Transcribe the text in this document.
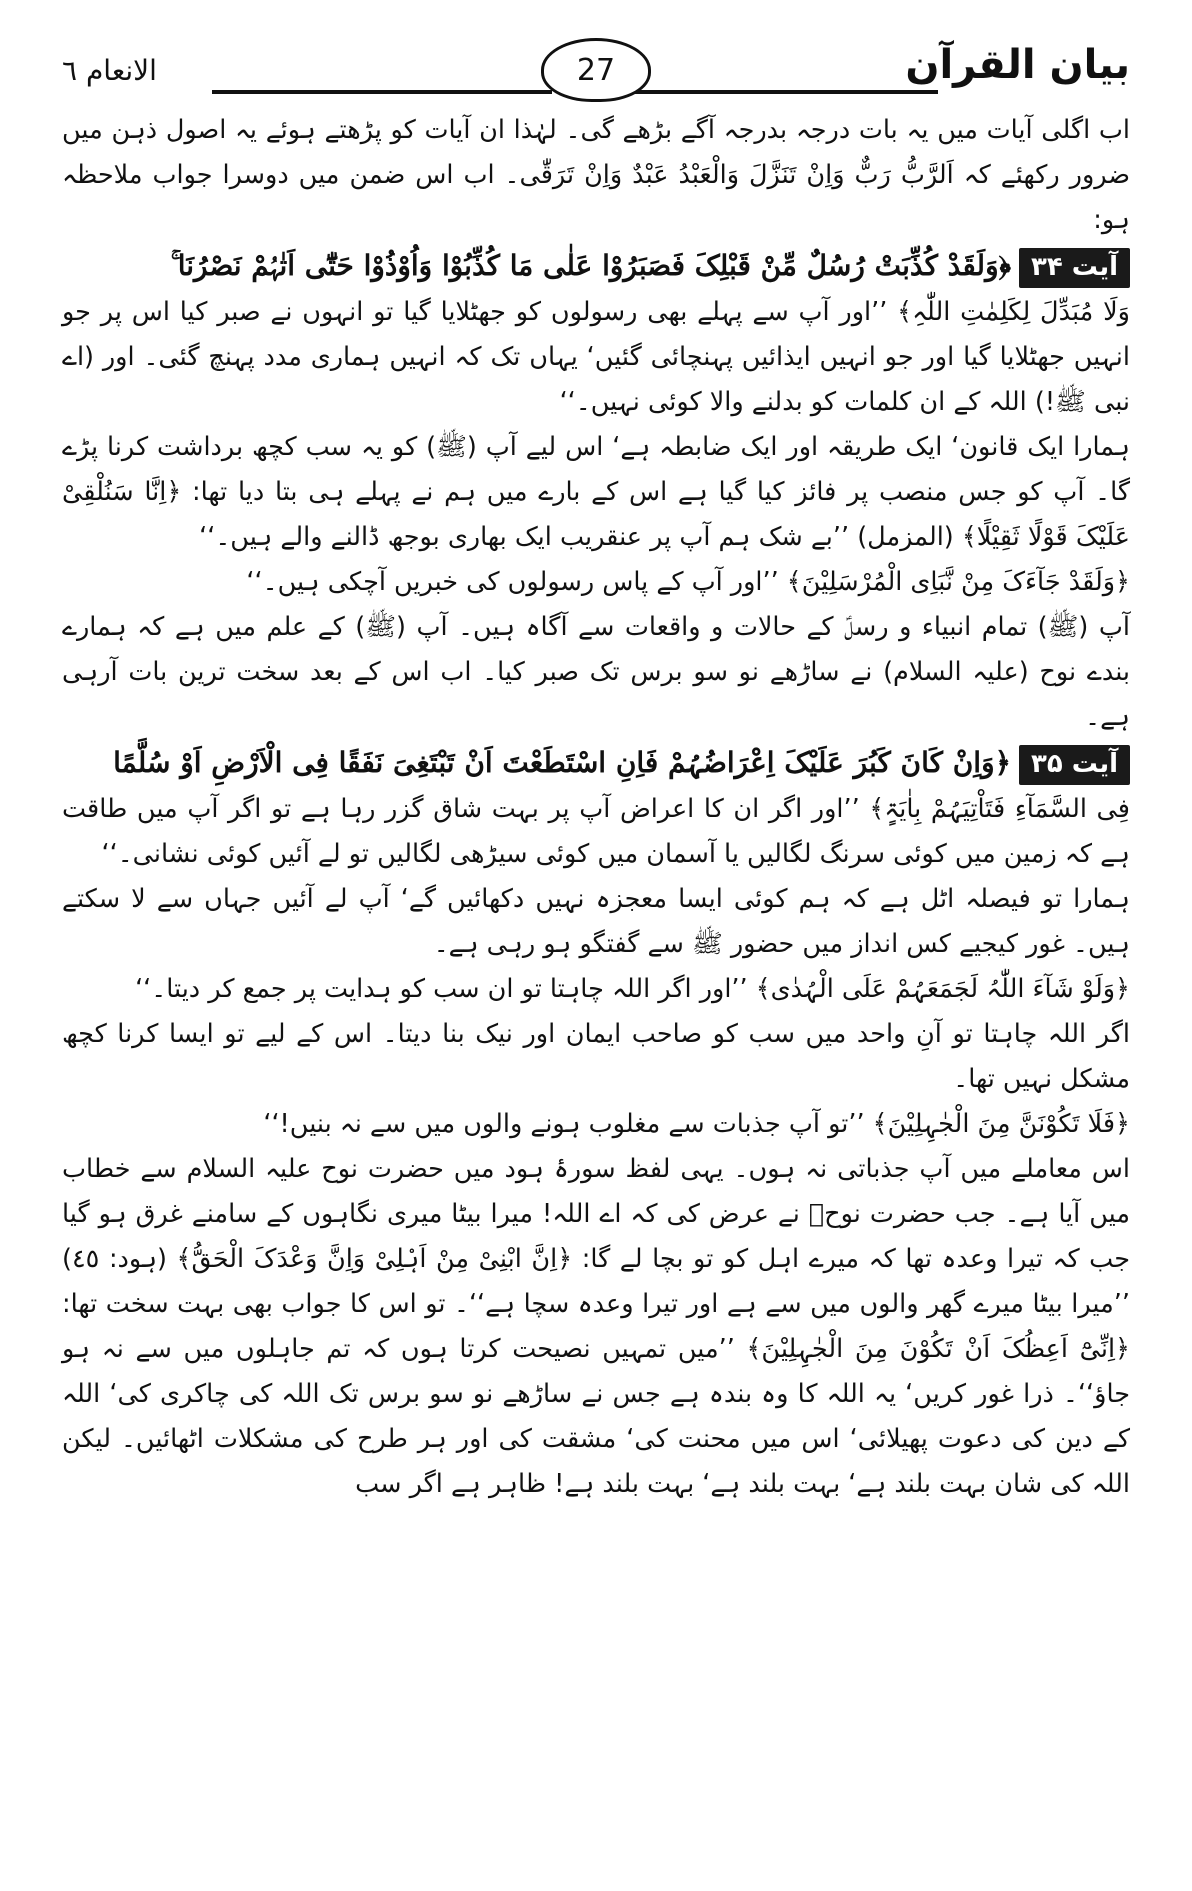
بیان القرآن
27
الانعام ٦

اب اگلی آیات میں یہ بات درجہ بدرجہ آگے بڑھے گی۔ لہٰذا ان آیات کو پڑھتے ہوئے یہ اصول ذہن میں ضرور رکھئے کہ اَلرَّبُّ رَبٌّ وَاِنْ تَنَزَّلَ وَالْعَبْدُ عَبْدٌ وَاِنْ تَرَقّٰی۔ اب اس ضمن میں دوسرا جواب ملاحظہ ہو:

آیت ۳۴﴿وَلَقَدْ کُذِّبَتْ رُسُلٌ مِّنْ قَبْلِکَ فَصَبَرُوْا عَلٰی مَا کُذِّبُوْا وَاُوْذُوْا حَتّٰٓی اَتٰہُمْ نَصْرُنَا ۚ

وَلَا مُبَدِّلَ لِکَلِمٰتِ اللّٰہِ﴾ ’’اور آپ سے پہلے بھی رسولوں کو جھٹلایا گیا تو انہوں نے صبر کیا اس پر جو انہیں جھٹلایا گیا اور جو انہیں ایذائیں پہنچائی گئیں‘ یہاں تک کہ انہیں ہماری مدد پہنچ گئی۔ اور (اے نبی ﷺ!) اللہ کے ان کلمات کو بدلنے والا کوئی نہیں۔‘‘

ہمارا ایک قانون‘ ایک طریقہ اور ایک ضابطہ ہے‘ اس لیے آپ (ﷺ) کو یہ سب کچھ برداشت کرنا پڑے گا۔ آپ کو جس منصب پر فائز کیا گیا ہے اس کے بارے میں ہم نے پہلے ہی بتا دیا تھا: ﴿اِنَّا سَنُلْقِیْ عَلَیْکَ قَوْلًا ثَقِیْلًا﴾ (المزمل) ’’بے شک ہم آپ پر عنقریب ایک بھاری بوجھ ڈالنے والے ہیں۔‘‘

﴿وَلَقَدْ جَآءَکَ مِنْ نَّبَاِی الْمُرْسَلِیْنَ﴾ ’’اور آپ کے پاس رسولوں کی خبریں آچکی ہیں۔‘‘

آپ (ﷺ) تمام انبیاء و رسلؑ کے حالات و واقعات سے آگاہ ہیں۔ آپ (ﷺ) کے علم میں ہے کہ ہمارے بندے نوح (علیہ السلام) نے ساڑھے نو سو برس تک صبر کیا۔ اب اس کے بعد سخت ترین بات آرہی ہے۔

آیت ۳۵﴿وَاِنْ کَانَ کَبُرَ عَلَیْکَ اِعْرَاضُہُمْ فَاِنِ اسْتَطَعْتَ اَنْ تَبْتَغِیَ نَفَقًا فِی الْاَرْضِ اَوْ سُلَّمًا

فِی السَّمَآءِ فَتَاْتِیَہُمْ بِاٰیَۃٍ﴾ ’’اور اگر ان کا اعراض آپ پر بہت شاق گزر رہا ہے تو اگر آپ میں طاقت ہے کہ زمین میں کوئی سرنگ لگالیں یا آسمان میں کوئی سیڑھی لگالیں تو لے آئیں کوئی نشانی۔‘‘

ہمارا تو فیصلہ اٹل ہے کہ ہم کوئی ایسا معجزہ نہیں دکھائیں گے‘ آپ لے آئیں جہاں سے لا سکتے ہیں۔ غور کیجیے کس انداز میں حضور ﷺ سے گفتگو ہو رہی ہے۔

﴿وَلَوْ شَآءَ اللّٰہُ لَجَمَعَہُمْ عَلَی الْہُدٰی﴾ ’’اور اگر اللہ چاہتا تو ان سب کو ہدایت پر جمع کر دیتا۔‘‘

اگر اللہ چاہتا تو آنِ واحد میں سب کو صاحب ایمان اور نیک بنا دیتا۔ اس کے لیے تو ایسا کرنا کچھ مشکل نہیں تھا۔

﴿فَلَا تَکُوْنَنَّ مِنَ الْجٰہِلِیْنَ﴾ ’’تو آپ جذبات سے مغلوب ہونے والوں میں سے نہ بنیں!‘‘

اس معاملے میں آپ جذباتی نہ ہوں۔ یہی لفظ سورۂ ہود میں حضرت نوح علیہ السلام سے خطاب میں آیا ہے۔ جب حضرت نوحؑ نے عرض کی کہ اے اللہ! میرا بیٹا میری نگاہوں کے سامنے غرق ہو گیا جب کہ تیرا وعدہ تھا کہ میرے اہل کو تو بچا لے گا: ﴿اِنَّ ابْنِیْ مِنْ اَہْلِیْ وَاِنَّ وَعْدَکَ الْحَقُّ﴾ (ہود: ٤٥) ’’میرا بیٹا میرے گھر والوں میں سے ہے اور تیرا وعدہ سچا ہے‘‘۔ تو اس کا جواب بھی بہت سخت تھا: ﴿اِنِّیْٓ اَعِظُکَ اَنْ تَکُوْنَ مِنَ الْجٰہِلِیْنَ﴾ ’’میں تمہیں نصیحت کرتا ہوں کہ تم جاہلوں میں سے نہ ہو جاؤ‘‘۔ ذرا غور کریں‘ یہ اللہ کا وہ بندہ ہے جس نے ساڑھے نو سو برس تک اللہ کی چاکری کی‘ اللہ کے دین کی دعوت پھیلائی‘ اس میں محنت کی‘ مشقت کی اور ہر طرح کی مشکلات اٹھائیں۔ لیکن اللہ کی شان بہت بلند ہے‘ بہت بلند ہے‘ بہت بلند ہے! ظاہر ہے اگر سب
